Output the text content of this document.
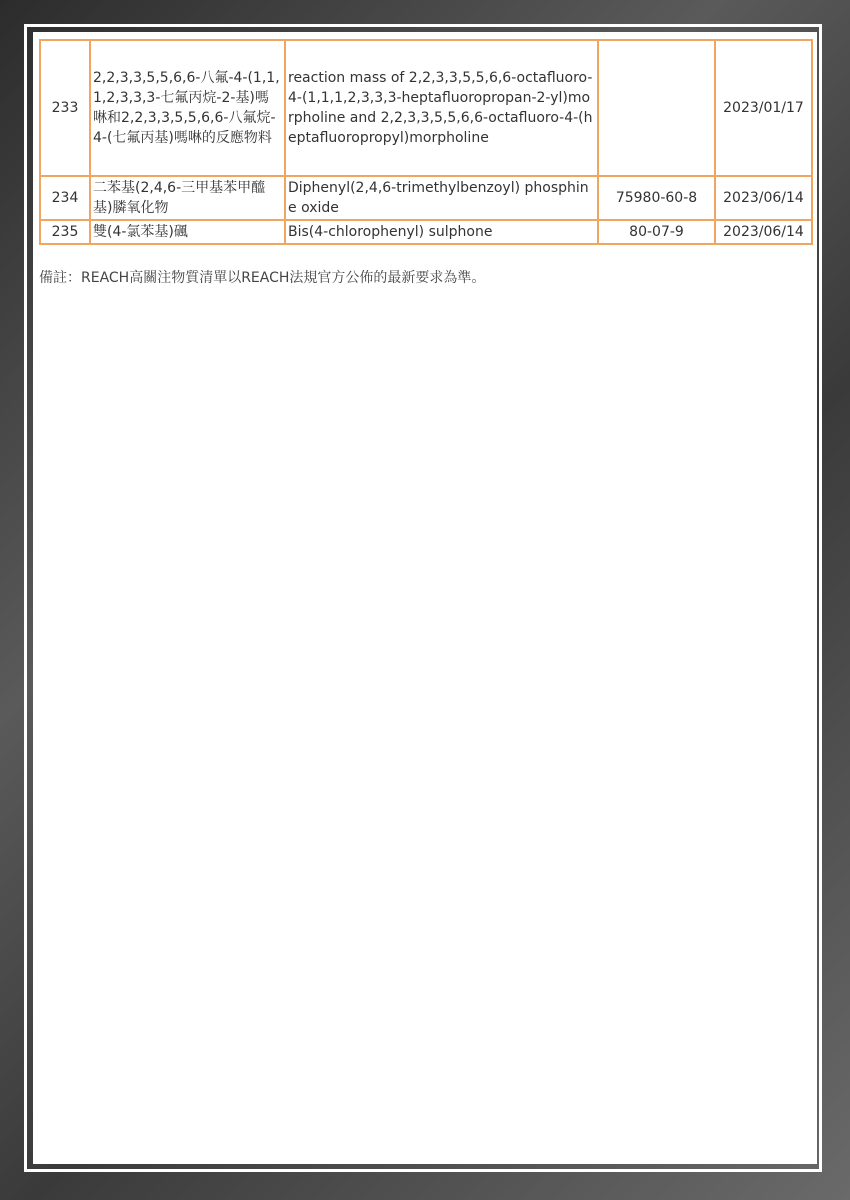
233	2,2,3,3,5,5,6,6-八氟-4-(1,1,1,2,3,3,3-七氟丙烷-2-基)嗎啉和2,2,3,3,5,5,6,6-八氟烷-4-(七氟丙基)嗎啉的反應物料	reaction mass of 2,2,3,3,5,5,6,6-octafluoro-4-(1,1,1,2,3,3,3-heptafluoropropan-2-yl)morpholine and 2,2,3,3,5,5,6,6-octafluoro-4-(heptafluoropropyl)morpholine		2023/01/17
234	二苯基(2,4,6-三甲基苯甲醯基)膦氧化物	Diphenyl(2,4,6-trimethylbenzoyl) phosphine oxide	75980-60-8	2023/06/14
235	雙(4-氯苯基)碸	Bis(4-chlorophenyl) sulphone	80-07-9	2023/06/14
備註：REACH高關注物質清單以REACH法規官方公佈的最新要求為準。
